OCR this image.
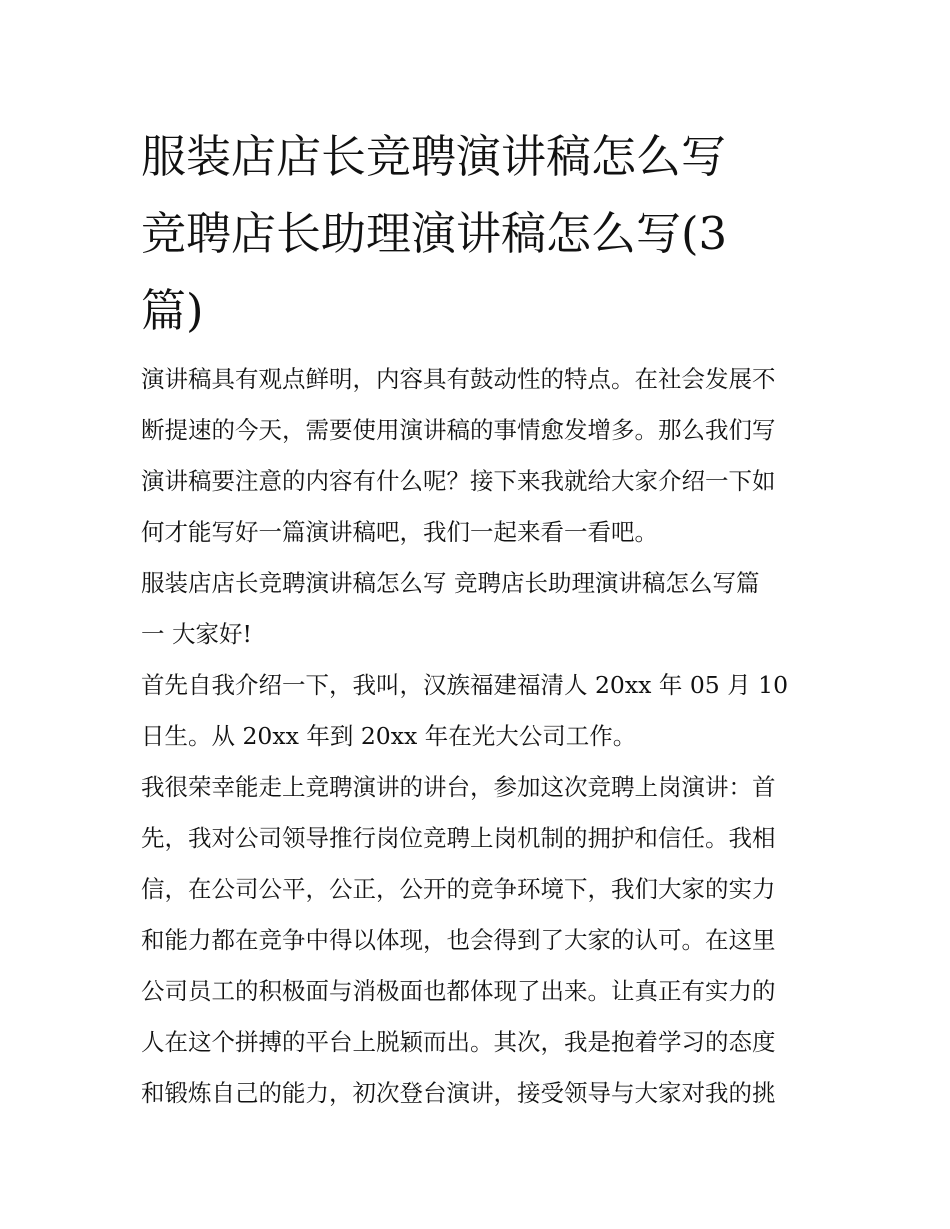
服装店店长竞聘演讲稿怎么写
竞聘店长助理演讲稿怎么写(3
篇)
演讲稿具有观点鲜明，内容具有鼓动性的特点。在社会发展不
断提速的今天，需要使用演讲稿的事情愈发增多。那么我们写
演讲稿要注意的内容有什么呢？接下来我就给大家介绍一下如
何才能写好一篇演讲稿吧，我们一起来看一看吧。
服装店店长竞聘演讲稿怎么写 竞聘店长助理演讲稿怎么写篇
一 大家好!
首先自我介绍一下，我叫，汉族福建福清人 20xx 年 05 月 10
日生。从 20xx 年到 20xx 年在光大公司工作。
我很荣幸能走上竞聘演讲的讲台，参加这次竞聘上岗演讲：首
先，我对公司领导推行岗位竞聘上岗机制的拥护和信任。我相
信，在公司公平，公正，公开的竞争环境下，我们大家的实力
和能力都在竞争中得以体现，也会得到了大家的认可。在这里
公司员工的积极面与消极面也都体现了出来。让真正有实力的
人在这个拼搏的平台上脱颖而出。其次，我是抱着学习的态度
和锻炼自己的能力，初次登台演讲，接受领导与大家对我的挑
